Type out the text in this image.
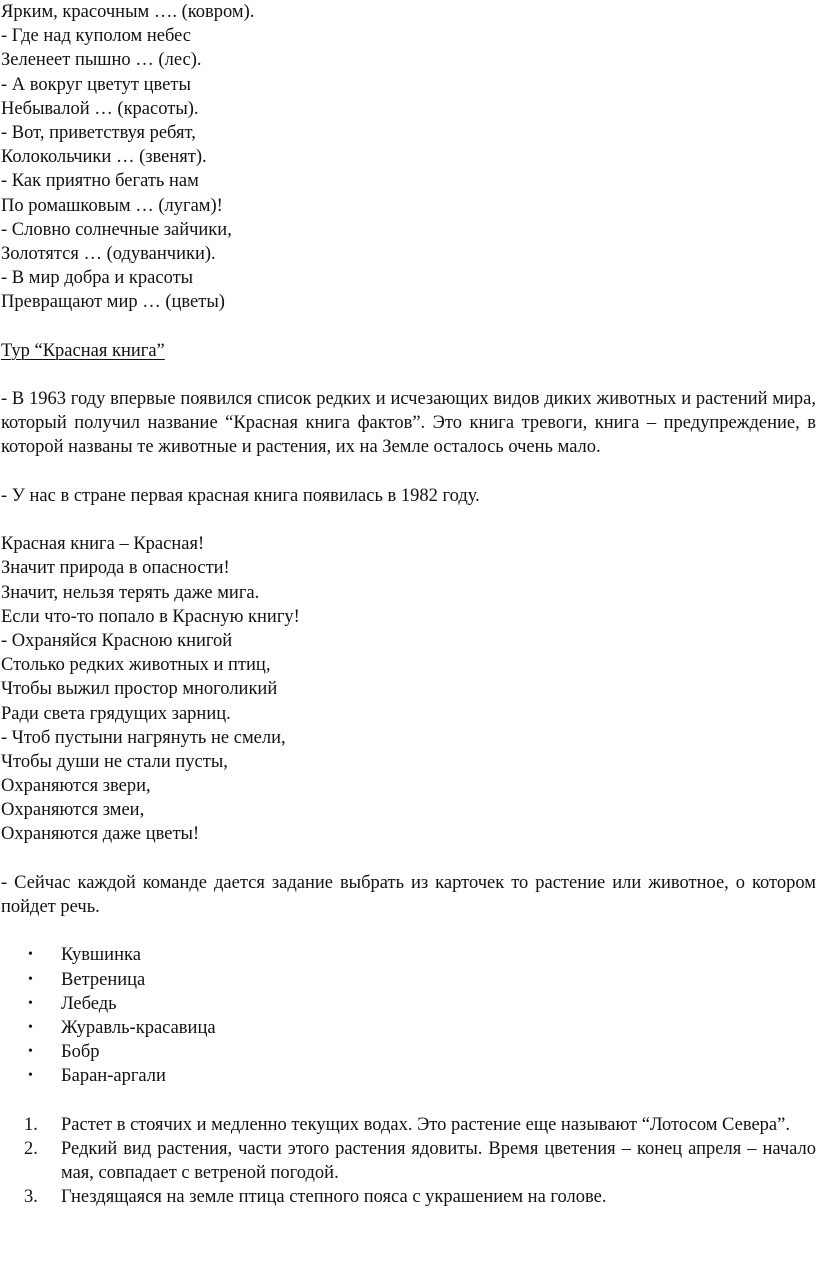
Ярким, красочным …. (ковром).
- Где над куполом небес
Зеленеет пышно … (лес).
- А вокруг цветут цветы
Небывалой … (красоты).
- Вот, приветствуя ребят,
Колокольчики … (звенят).
- Как приятно бегать нам
По ромашковым … (лугам)!
- Словно солнечные зайчики,
Золотятся … (одуванчики).
- В мир добра и красоты
Превращают мир … (цветы)
Тур “Красная книга”

- В 1963 году впервые появился список редких и исчезающих видов диких животных и растений мира, который получил название “Красная книга фактов”. Это книга тревоги, книга – предупреждение, в которой названы те животные и растения, их на Земле осталось очень мало.

- У нас в стране первая красная книга появилась в 1982 году.

Красная книга – Красная!
Значит природа в опасности!
Значит, нельзя терять даже мига.
Если что-то попало в Красную книгу!
- Охраняйся Красною книгой
Столько редких животных и птиц,
Чтобы выжил простор многоликий
Ради света грядущих зарниц.
- Чтоб пустыни нагрянуть не смели,
Чтобы души не стали пусты,
Охраняются звери,
Охраняются змеи,
Охраняются даже цветы!

- Сейчас каждой команде дается задание выбрать из карточек то растение или животное, о котором пойдет речь.

• Кувшинка
• Ветреница
• Лебедь
• Журавль-красавица
• Бобр
• Баран-аргали
1. Растет в стоячих и медленно текущих водах. Это растение еще называют “Лотосом Севера”.
2. Редкий вид растения, части этого растения ядовиты. Время цветения – конец апреля – начало мая, совпадает с ветреной погодой.
3. Гнездящаяся на земле птица степного пояса с украшением на голове.
